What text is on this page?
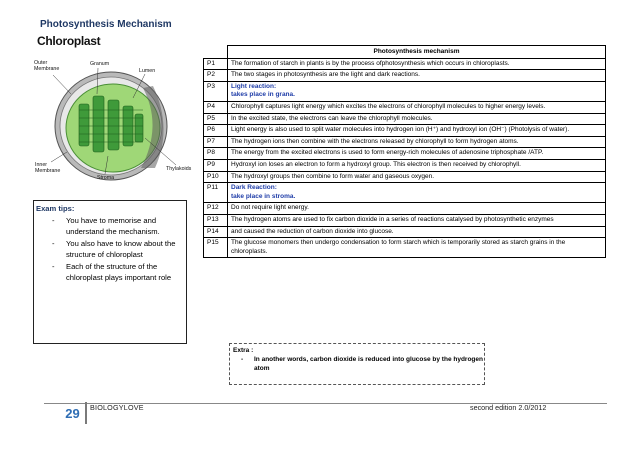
Photosynthesis Mechanism
Chloroplast
Outer
Membrane
Granum
Lumen
Inner
Membrane
Stroma
Thylakoids
Exam tips:
- You have to memorise and understand the mechanism.
- You also have to know about the structure of chloroplast
- Each of the structure of the chloroplast plays important role
	Photosynthesis mechanism
P1	The formation of starch in plants is by the process ofphotosynthesis which occurs in chloroplasts.
P2	The two stages in photosynthesis are the light and dark reactions.
P3	Light reaction:
takes place in grana.

P4	Chlorophyll captures light energy which excites the electrons of chlorophyll molecules to higher energy levels.
P5	In the excited state, the electrons can leave the chlorophyll molecules.
P6	Light energy is also used to split water molecules into hydrogen ion (H⁺) and hydroxyl ion (OH⁻) (Photolysis of water).
P7	The hydrogen ions then combine with the electrons released by chlorophyll to form hydrogen atoms.
P8	The energy from the excited electrons is used to form energy-rich molecules of adenosine triphosphate /ATP.
P9	Hydroxyl ion loses an electron to form a hydroxyl group. This electron is then received by chlorophyll.
P10	The hydroxyl groups then combine to form water and gaseous oxygen.
P11	Dark Reaction:
take place in stroma.

P12	Do not require light energy.
P13	The hydrogen atoms are used to fix carbon dioxide in a series of reactions catalysed by photosynthetic enzymes
P14	and caused the reduction of carbon dioxide into glucose.
P15	The glucose monomers then undergo condensation to form starch which is temporarily stored as starch grains in the chloroplasts.
Extra :
- In another words, carbon dioxide is reduced into glucose by the hydrogen atom
29	BIOLOGYLOVE	second edition 2.0/2012
